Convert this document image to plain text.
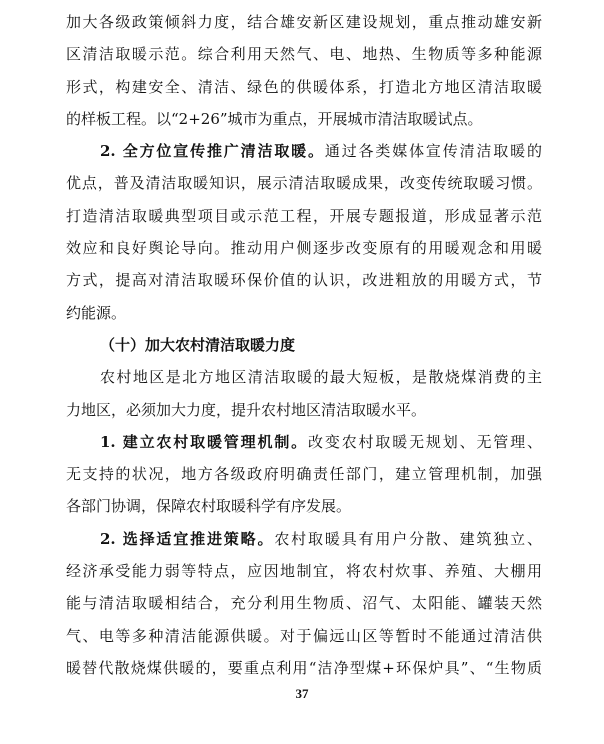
加大各级政策倾斜力度，结合雄安新区建设规划，重点推动雄安新
区清洁取暖示范。综合利用天然气、电、地热、生物质等多种能源
形式，构建安全、清洁、绿色的供暖体系，打造北方地区清洁取暖
的样板工程。以“2+26”城市为重点，开展城市清洁取暖试点。
2. 全方位宣传推广清洁取暖。通过各类媒体宣传清洁取暖的
优点，普及清洁取暖知识，展示清洁取暖成果，改变传统取暖习惯。
打造清洁取暖典型项目或示范工程，开展专题报道，形成显著示范
效应和良好舆论导向。推动用户侧逐步改变原有的用暖观念和用暖
方式，提高对清洁取暖环保价值的认识，改进粗放的用暖方式，节
约能源。
（十）加大农村清洁取暖力度
农村地区是北方地区清洁取暖的最大短板，是散烧煤消费的主
力地区，必须加大力度，提升农村地区清洁取暖水平。
1. 建立农村取暖管理机制。改变农村取暖无规划、无管理、
无支持的状况，地方各级政府明确责任部门，建立管理机制，加强
各部门协调，保障农村取暖科学有序发展。
2. 选择适宜推进策略。农村取暖具有用户分散、建筑独立、
经济承受能力弱等特点，应因地制宜，将农村炊事、养殖、大棚用
能与清洁取暖相结合，充分利用生物质、沼气、太阳能、罐装天然
气、电等多种清洁能源供暖。对于偏远山区等暂时不能通过清洁供
暖替代散烧煤供暖的，要重点利用“洁净型煤+环保炉具”、“生物质
37
